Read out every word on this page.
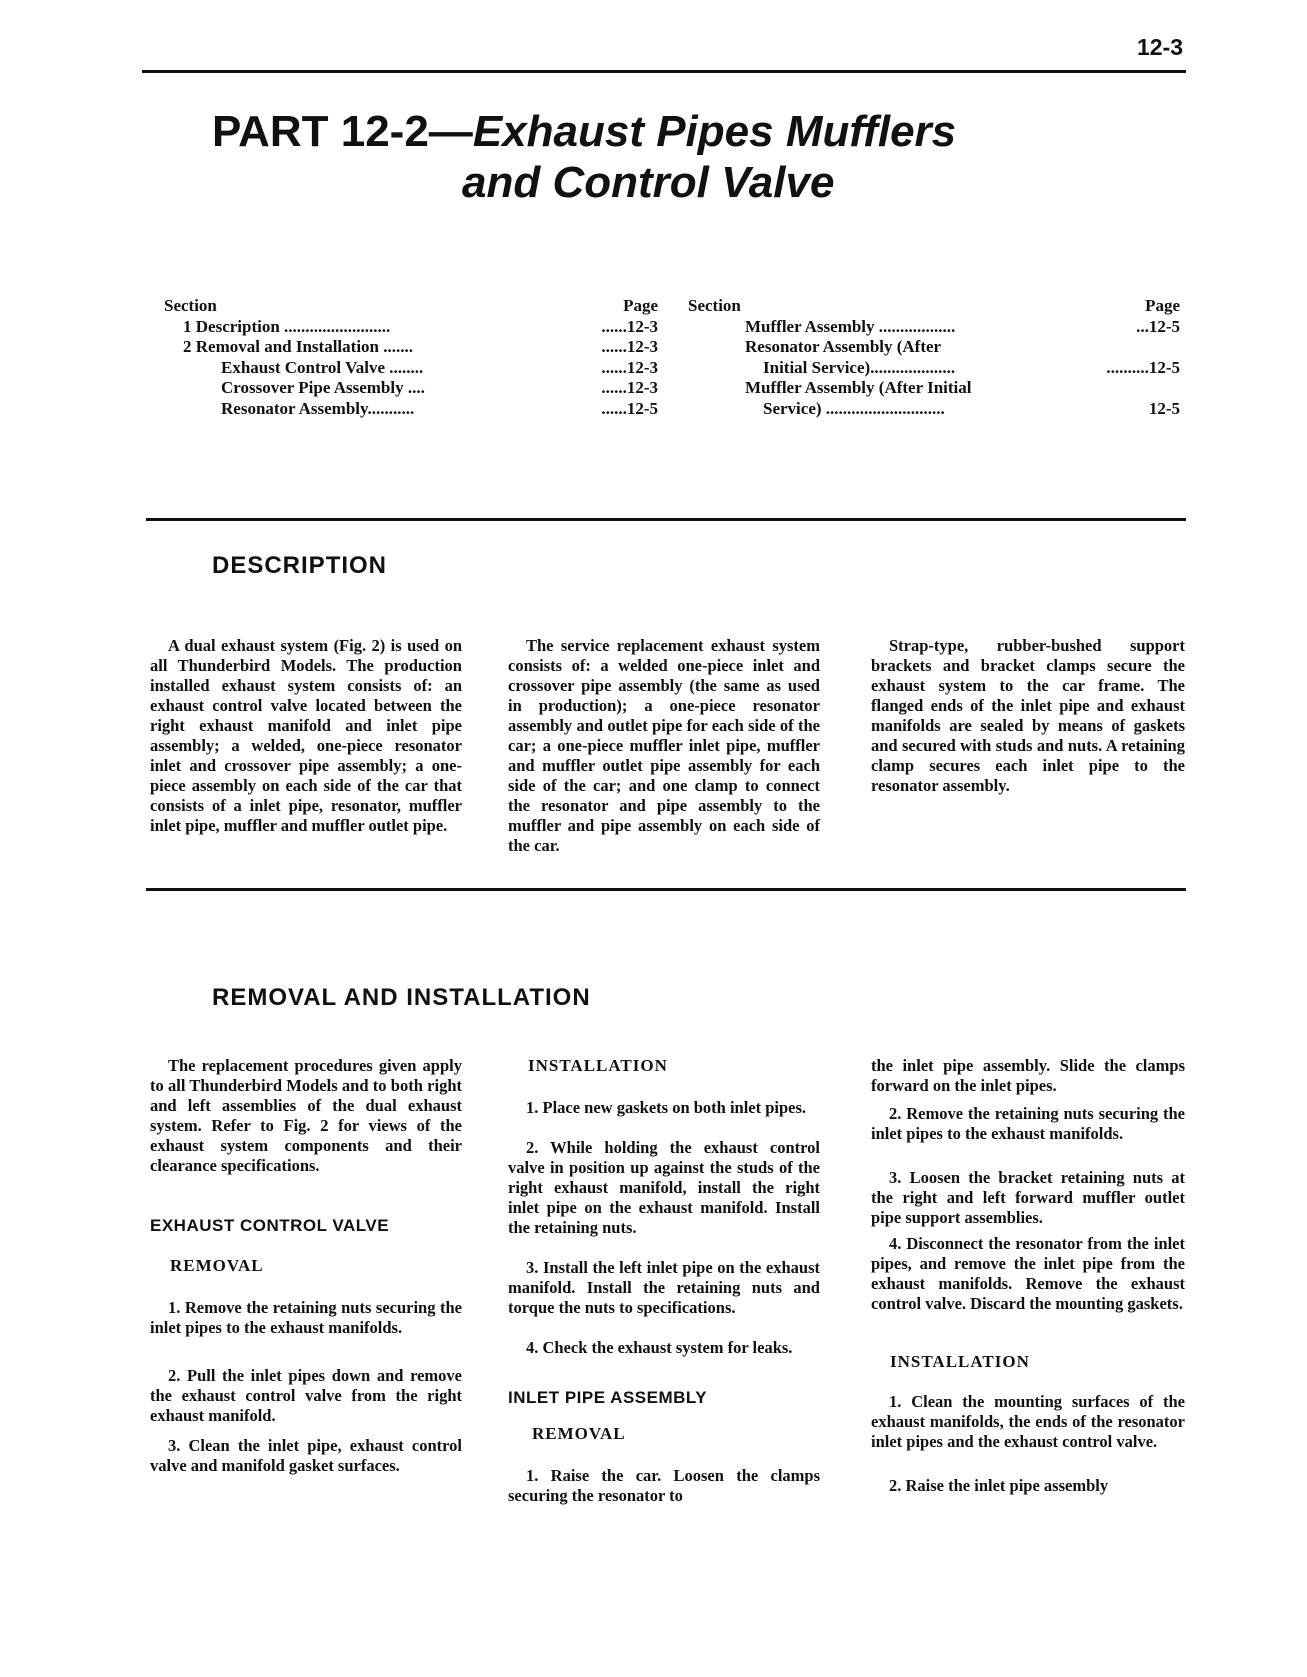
12-3
PART 12-2—Exhaust Pipes Mufflers
and Control Valve
Section
1 Description .........................
2 Removal and Installation .......
Exhaust Control Valve ........
Crossover Pipe Assembly ....
Resonator Assembly...........
Page
......12-3
......12-3
......12-3
......12-3
......12-5
Section
Muffler Assembly ..................
Resonator Assembly (After
Initial Service)....................
Muffler Assembly (After Initial
Service) ............................
Page
...12-5
..........12-5
12-5
DESCRIPTION
A dual exhaust system (Fig. 2) is used on all Thunderbird Models. The production installed exhaust system consists of: an exhaust control valve located between the right exhaust manifold and inlet pipe assembly; a welded, one-piece resonator inlet and crossover pipe assembly; a one-piece assembly on each side of the car that consists of a inlet pipe, resonator, muffler inlet pipe, muffler and muffler outlet pipe.
The service replacement exhaust system consists of: a welded one-piece inlet and crossover pipe assembly (the same as used in production); a one-piece resonator assembly and outlet pipe for each side of the car; a one-piece muffler inlet pipe, muffler and muffler outlet pipe assembly for each side of the car; and one clamp to connect the resonator and pipe assembly to the muffler and pipe assembly on each side of the car.
Strap-type, rubber-bushed support brackets and bracket clamps secure the exhaust system to the car frame. The flanged ends of the inlet pipe and exhaust manifolds are sealed by means of gaskets and secured with studs and nuts. A retaining clamp secures each inlet pipe to the resonator assembly.
REMOVAL AND INSTALLATION
The replacement procedures given apply to all Thunderbird Models and to both right and left assemblies of the dual exhaust system. Refer to Fig. 2 for views of the exhaust system components and their clearance specifications.
EXHAUST CONTROL VALVE
REMOVAL
1. Remove the retaining nuts securing the inlet pipes to the exhaust manifolds.
2. Pull the inlet pipes down and remove the exhaust control valve from the right exhaust manifold.
3. Clean the inlet pipe, exhaust control valve and manifold gasket surfaces.
INSTALLATION
1. Place new gaskets on both inlet pipes.
2. While holding the exhaust control valve in position up against the studs of the right exhaust manifold, install the right inlet pipe on the exhaust manifold. Install the retaining nuts.
3. Install the left inlet pipe on the exhaust manifold. Install the retaining nuts and torque the nuts to specifications.
4. Check the exhaust system for leaks.
INLET PIPE ASSEMBLY
REMOVAL
1. Raise the car. Loosen the clamps securing the resonator to
the inlet pipe assembly. Slide the clamps forward on the inlet pipes.
2. Remove the retaining nuts securing the inlet pipes to the exhaust manifolds.
3. Loosen the bracket retaining nuts at the right and left forward muffler outlet pipe support assemblies.
4. Disconnect the resonator from the inlet pipes, and remove the inlet pipe from the exhaust manifolds. Remove the exhaust control valve. Discard the mounting gaskets.
INSTALLATION
1. Clean the mounting surfaces of the exhaust manifolds, the ends of the resonator inlet pipes and the exhaust control valve.
2. Raise the inlet pipe assembly
